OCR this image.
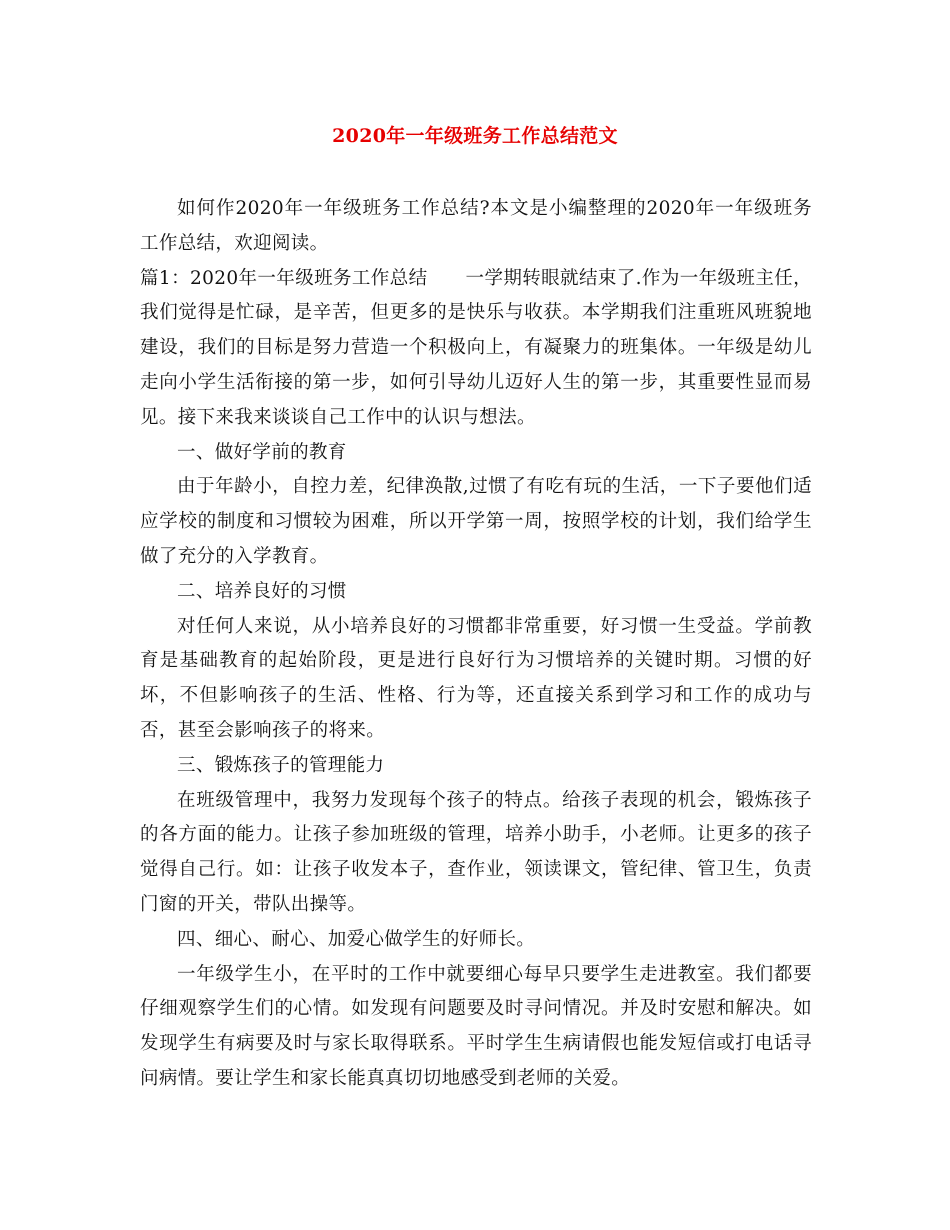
2020年一年级班务工作总结范文

如何作2020年一年级班务工作总结?本文是小编整理的2020年一年级班务工作总结，欢迎阅读。

篇1：2020年一年级班务工作总结 一学期转眼就结束了.作为一年级班主任，我们觉得是忙碌，是辛苦，但更多的是快乐与收获。本学期我们注重班风班貌地建设，我们的目标是努力营造一个积极向上，有凝聚力的班集体。一年级是幼儿走向小学生活衔接的第一步，如何引导幼儿迈好人生的第一步，其重要性显而易见。接下来我来谈谈自己工作中的认识与想法。

一、做好学前的教育

由于年龄小，自控力差，纪律涣散,过惯了有吃有玩的生活，一下子要他们适应学校的制度和习惯较为困难，所以开学第一周，按照学校的计划，我们给学生做了充分的入学教育。

二、培养良好的习惯

对任何人来说，从小培养良好的习惯都非常重要，好习惯一生受益。学前教育是基础教育的起始阶段，更是进行良好行为习惯培养的关键时期。习惯的好坏，不但影响孩子的生活、性格、行为等，还直接关系到学习和工作的成功与否，甚至会影响孩子的将来。

三、锻炼孩子的管理能力

在班级管理中，我努力发现每个孩子的特点。给孩子表现的机会，锻炼孩子的各方面的能力。让孩子参加班级的管理，培养小助手，小老师。让更多的孩子觉得自己行。如：让孩子收发本子，查作业，领读课文，管纪律、管卫生，负责门窗的开关，带队出操等。

四、细心、耐心、加爱心做学生的好师长。

一年级学生小，在平时的工作中就要细心每早只要学生走进教室。我们都要仔细观察学生们的心情。如发现有问题要及时寻问情况。并及时安慰和解决。如发现学生有病要及时与家长取得联系。平时学生生病请假也能发短信或打电话寻问病情。要让学生和家长能真真切切地感受到老师的关爱。
